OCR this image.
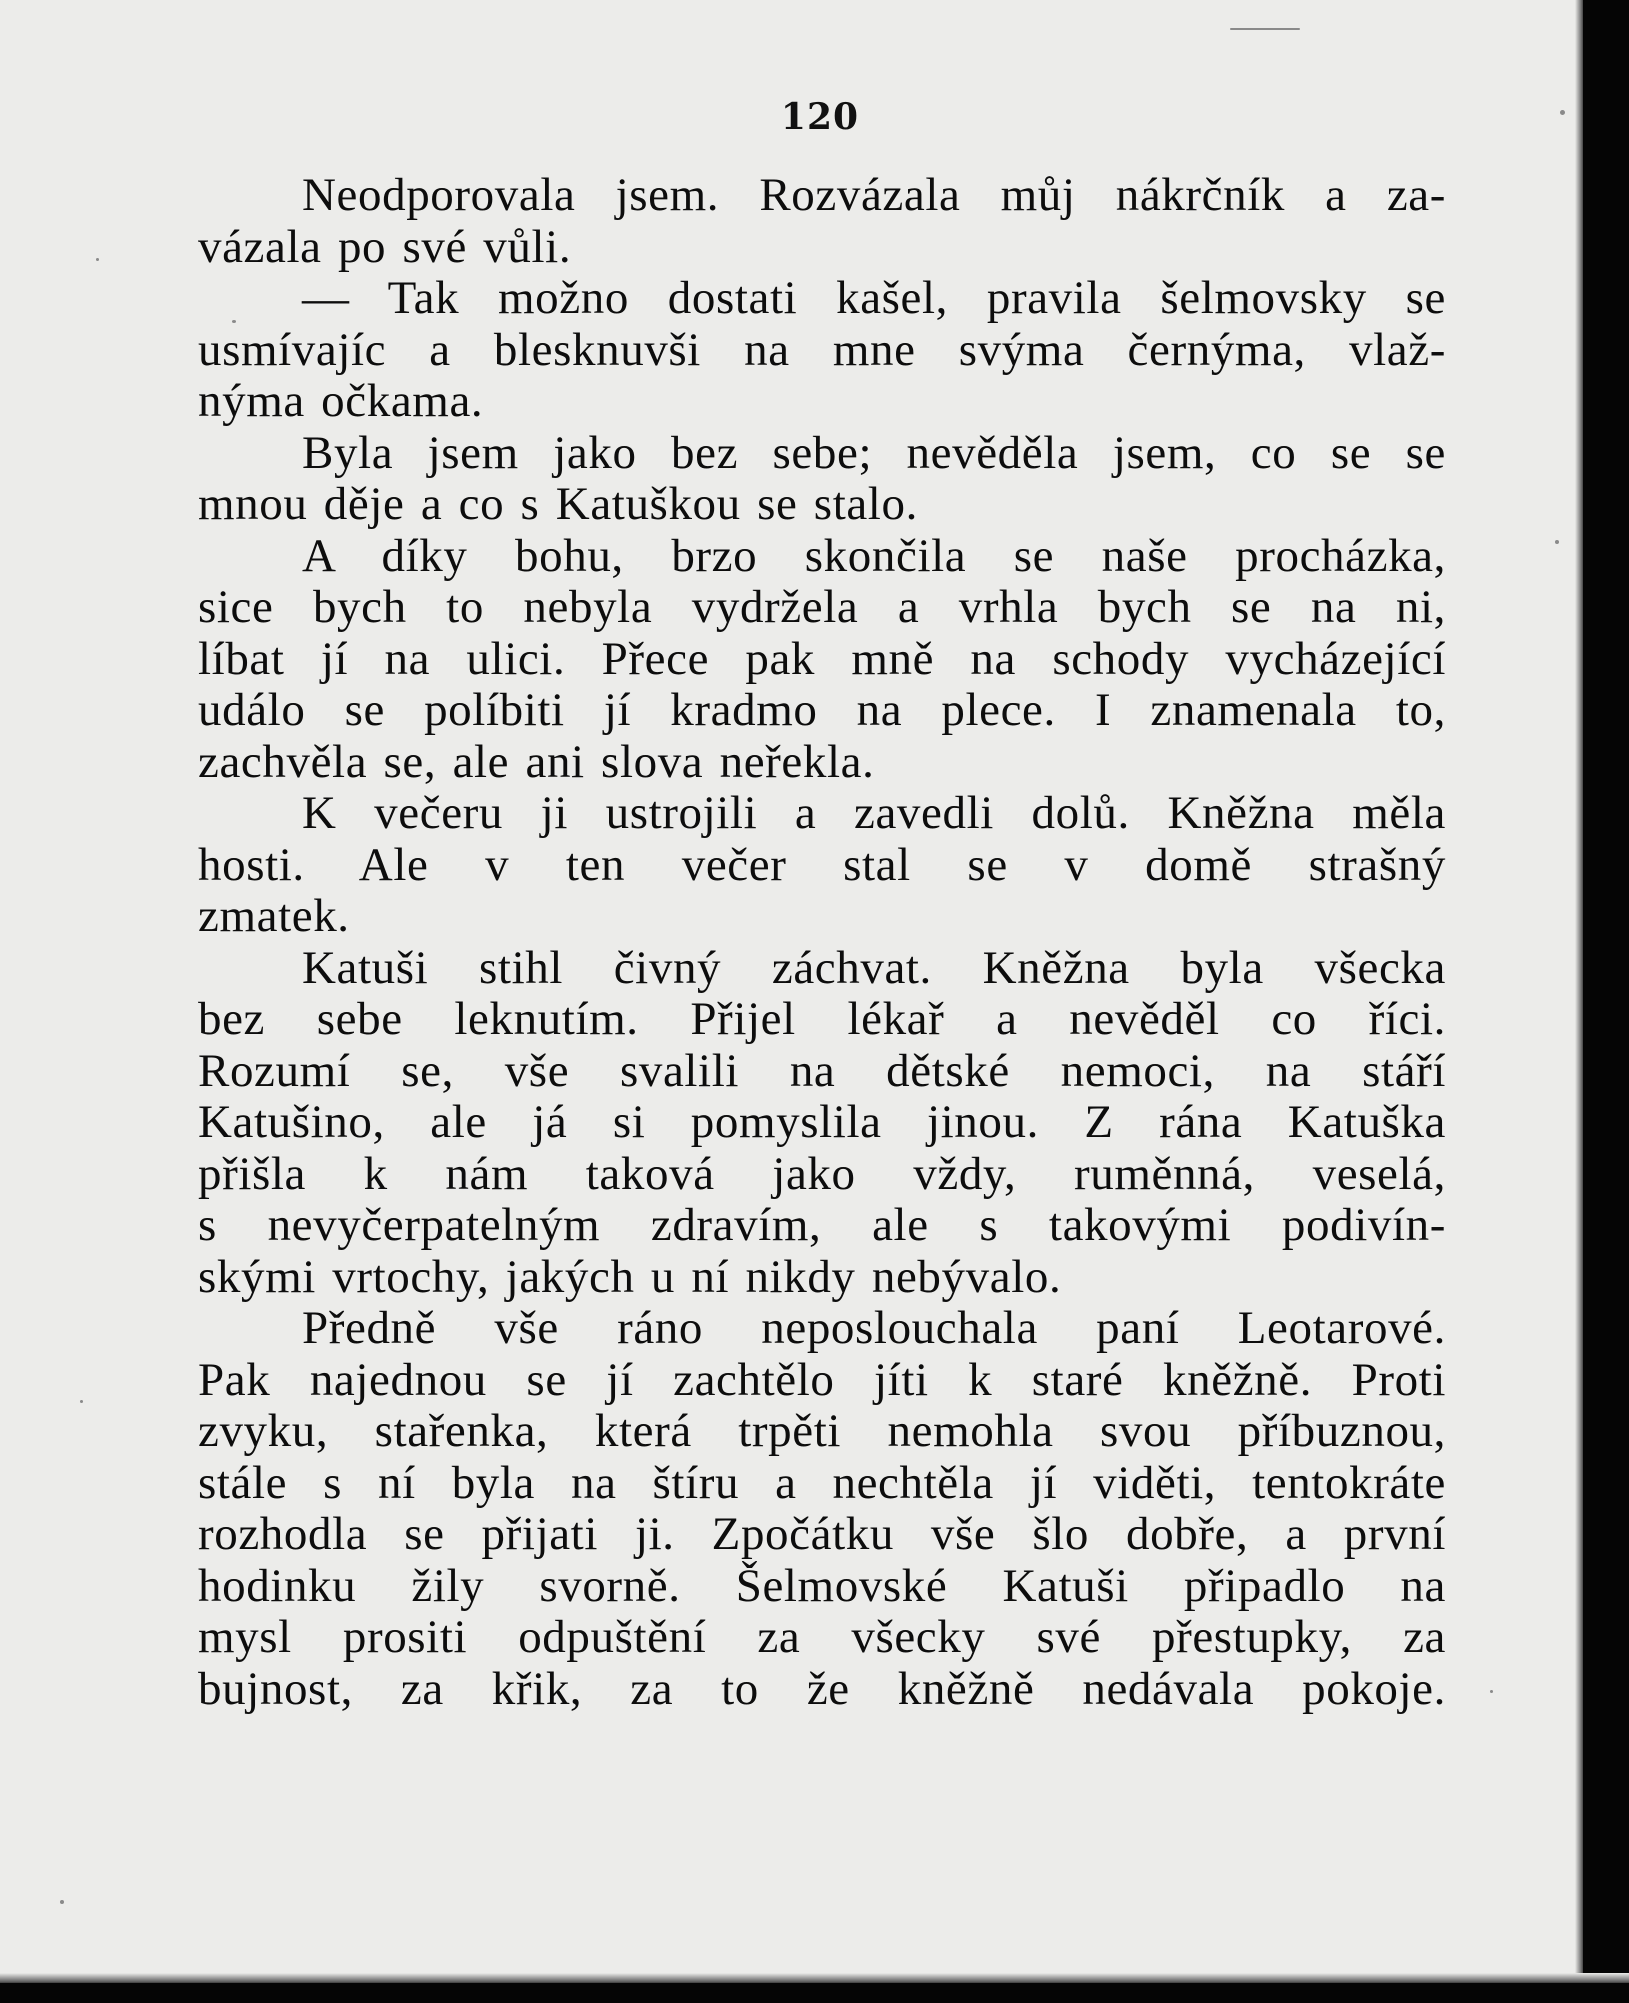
120
Neodporovala jsem. Rozvázala můj nákrčník a za-
vázala po své vůli.
— Tak možno dostati kašel, pravila šelmovsky se
usmívajíc a blesknuvši na mne svýma černýma, vlaž-
nýma očkama.
Byla jsem jako bez sebe; nevěděla jsem, co se se
mnou děje a co s Katuškou se stalo.
A díky bohu, brzo skončila se naše procházka,
sice bych to nebyla vydržela a vrhla bych se na ni,
líbat jí na ulici. Přece pak mně na schody vycházející
událo se políbiti jí kradmo na plece. I znamenala to,
zachvěla se, ale ani slova neřekla.
K večeru ji ustrojili a zavedli dolů. Kněžna měla
hosti. Ale v ten večer stal se v domě strašný
zmatek.
Katuši stihl čivný záchvat. Kněžna byla všecka
bez sebe leknutím. Přijel lékař a nevěděl co říci.
Rozumí se, vše svalili na dětské nemoci, na stáří
Katušino, ale já si pomyslila jinou. Z rána Katuška
přišla k nám taková jako vždy, ruměnná, veselá,
s nevyčerpatelným zdravím, ale s takovými podivín-
skými vrtochy, jakých u ní nikdy nebývalo.
Předně vše ráno neposlouchala paní Leotarové.
Pak najednou se jí zachtělo jíti k staré kněžně. Proti
zvyku, stařenka, která trpěti nemohla svou příbuznou,
stále s ní byla na štíru a nechtěla jí viděti, tentokráte
rozhodla se přijati ji. Zpočátku vše šlo dobře, a první
hodinku žily svorně. Šelmovské Katuši připadlo na
mysl prositi odpuštění za všecky své přestupky, za
bujnost, za křik, za to že kněžně nedávala pokoje.
